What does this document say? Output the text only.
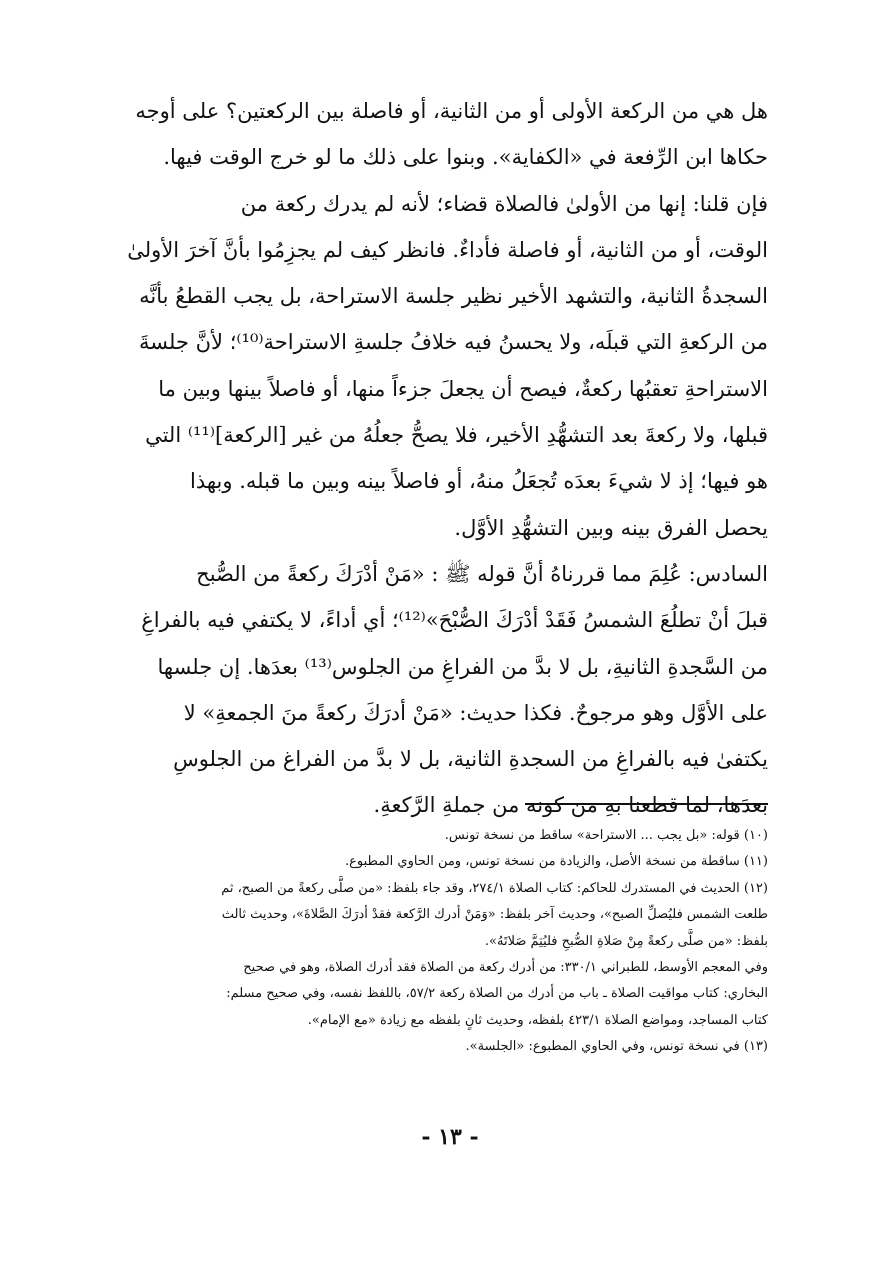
هل هي من الركعة الأولى أو من الثانية، أو فاصلة بين الركعتين؟ على أوجه
حكاها ابن الرِّفعة في «الكفاية». وبنوا على ذلك ما لو خرج الوقت فيها.
فإن قلنا: إنها من الأولىٰ فالصلاة قضاء؛ لأنه لم يدرك ركعة من
الوقت، أو من الثانية، أو فاصلة فأداءٌ. فانظر كيف لم يجزِمُوا بأنَّ آخرَ الأولىٰ
السجدةُ الثانية، والتشهد الأخير نظير جلسة الاستراحة، بل يجب القطعُ بأنَّه
من الركعةِ التي قبلَه، ولا يحسنُ فيه خلافُ جلسةِ الاستراحة⁽¹⁰⁾؛ لأنَّ جلسةَ
الاستراحةِ تعقبُها ركعةٌ، فيصح أن يجعلَ جزءاً منها، أو فاصلاً بينها وبين ما
قبلها، ولا ركعةَ بعد التشهُّدِ الأخير، فلا يصحُّ جعلُهُ من غير [الركعة]⁽¹¹⁾ التي
هو فيها؛ إذ لا شيءَ بعدَه تُجعَلُ منهُ، أو فاصلاً بينه وبين ما قبله. وبهذا
يحصل الفرق بينه وبين التشهُّدِ الأوَّل.
السادس: عُلِمَ مما قررناهُ أنَّ قوله ﷺ : «مَنْ أدْرَكَ ركعةً من الصُّبح
قبلَ أنْ تطلُعَ الشمسُ فَقَدْ أدْرَكَ الصُّبْحَ»⁽¹²⁾؛ أي أداءً، لا يكتفي فيه بالفراغِ
من السَّجدةِ الثانيةِ، بل لا بدَّ من الفراغِ من الجلوس⁽¹³⁾ بعدَها. إن جلسها
على الأوَّل وهو مرجوحٌ. فكذا حديث: «مَنْ أدرَكَ ركعةً منَ الجمعةِ» لا
يكتفىٰ فيه بالفراغِ من السجدةِ الثانية، بل لا بدَّ من الفراغ من الجلوسِ
بعدَها، لما قطعنا بهِ من كونه من جملةِ الرَّكعةِ.
(١٠) قوله: «بل يجب ... الاستراحة» ساقط من نسخة تونس.
(١١) ساقطة من نسخة الأصل، والزيادة من نسخة تونس، ومن الحاوي المطبوع.
(١٢) الحديث في المستدرك للحاكم: كتاب الصلاة ٢٧٤/١، وقد جاء بلفظ: «من صلَّى ركعةً من الصبح، ثم
طلعت الشمس فليُصلِّ الصبح»، وحديث آخر بلفظ: «وَمَنْ أدرك الرَّكعة فقدْ أدرَكَ الصَّلاةَ»، وحديث ثالث
بلفظ: «من صلَّى ركعةً مِنْ صَلاةِ الصُّبحِ فليُتِمَّ صَلاتَهُ».
وفي المعجم الأوسط، للطبراني ٣٣٠/١: من أدرك ركعة من الصلاة فقد أدرك الصلاة، وهو في صحيح
البخاري: كتاب مواقيت الصلاة ـ باب من أدرك من الصلاة ركعة ٥٧/٢، باللفظ نفسه، وفي صحيح مسلم:
كتاب المساجد، ومواضع الصلاة ٤٢٣/١ بلفظه، وحديث ثانٍ بلفظه مع زيادة «مع الإمام».
(١٣) في نسخة تونس، وفي الحاوي المطبوع: «الجلسة».
- ١٣ -
